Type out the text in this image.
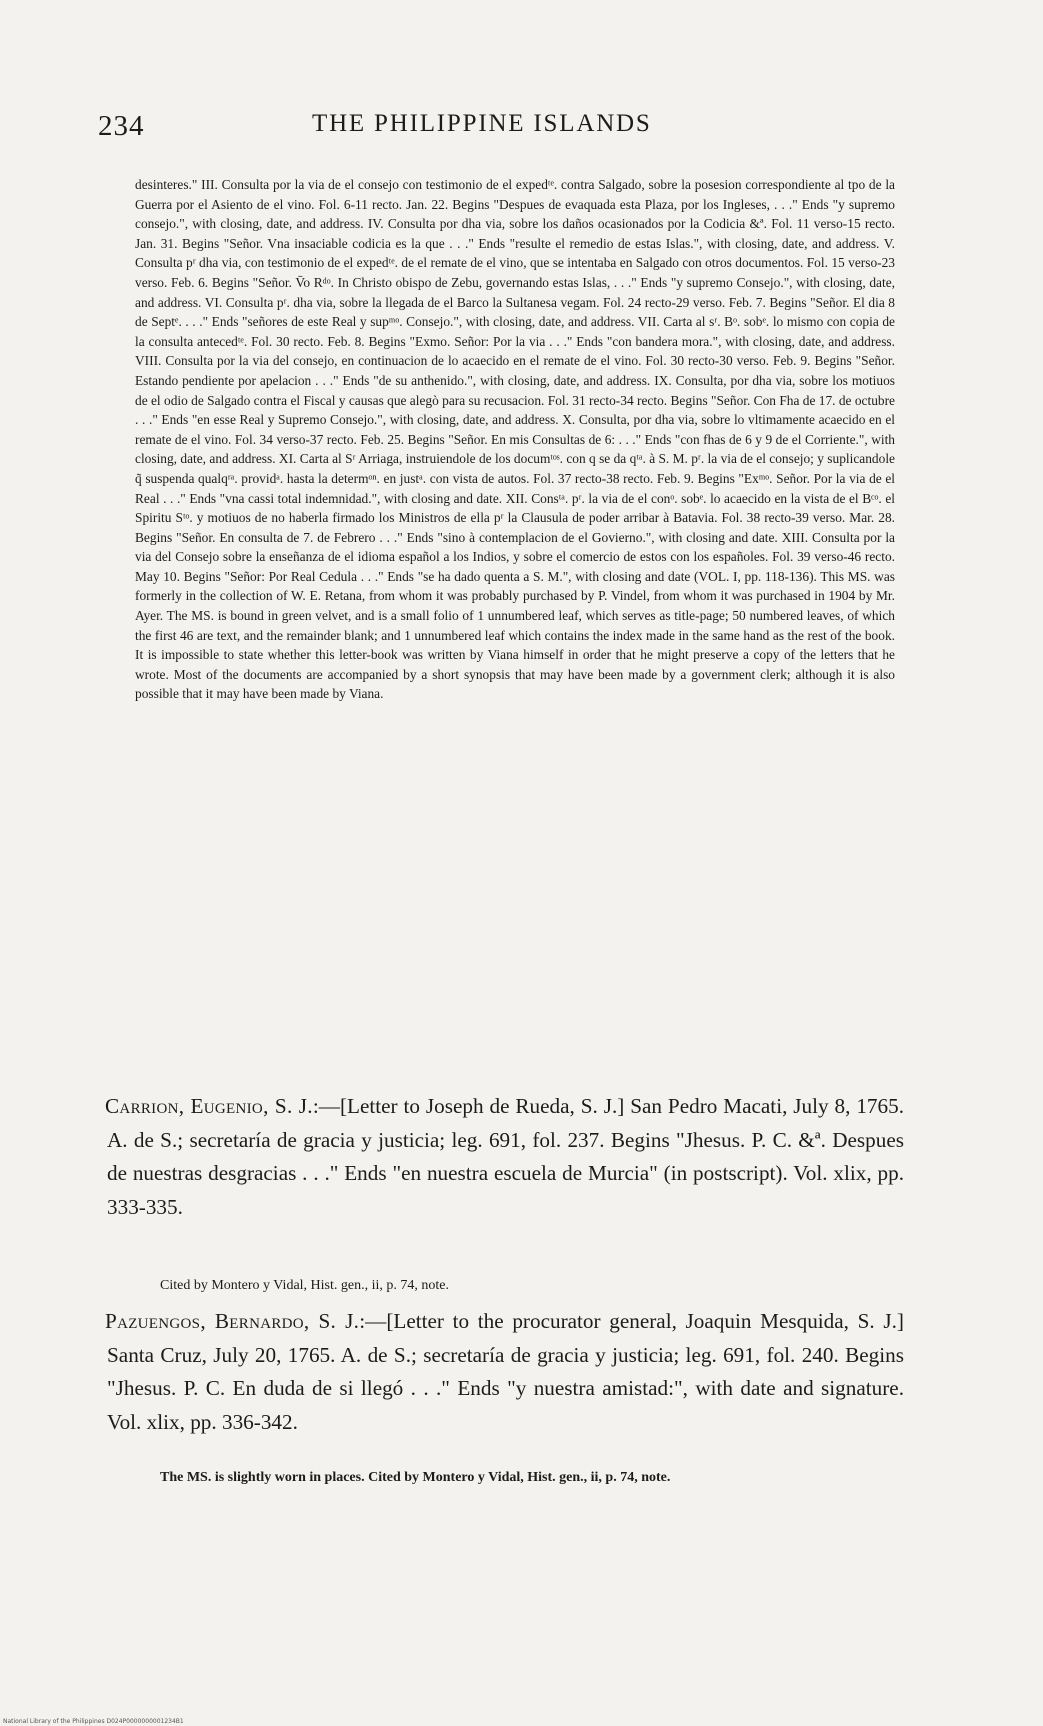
234	THE PHILIPPINE ISLANDS

desinteres." III. Consulta por la via de el consejo con testimonio de el expedᵗᵉ. contra Salgado, sobre la posesion correspondiente al tpo de la Guerra por el Asiento de el vino. Fol. 6-11 recto. Jan. 22. Begins "Despues de evaquada esta Plaza, por los Ingleses, . . ." Ends "y supremo consejo.", with closing, date, and address. IV. Consulta por dha via, sobre los daños ocasionados por la Codicia &ª. Fol. 11 verso-15 recto. Jan. 31. Begins "Señor. Vna insaciable codicia es la que . . ." Ends "resulte el remedio de estas Islas.", with closing, date, and address. V. Consulta pʳ dha via, con testimonio de el expedᵗᵉ. de el remate de el vino, que se intentaba en Salgado con otros documentos. Fol. 15 verso-23 verso. Feb. 6. Begins "Señor. V̄o Rᵈᵒ. In Christo obispo de Zebu, governando estas Islas, . . ." Ends "y supremo Consejo.", with closing, date, and address. VI. Consulta pʳ. dha via, sobre la llegada de el Barco la Sultanesa vegam. Fol. 24 recto-29 verso. Feb. 7. Begins "Señor. El dia 8 de Septᵉ. . . ." Ends "señores de este Real y supᵐᵒ. Consejo.", with closing, date, and address. VII. Carta al sʳ. Bᵒ. sobᵉ. lo mismo con copia de la consulta antecedᵗᵉ. Fol. 30 recto. Feb. 8. Begins "Exmo. Señor: Por la via . . ." Ends "con bandera mora.", with closing, date, and address. VIII. Consulta por la via del consejo, en continuacion de lo acaecido en el remate de el vino. Fol. 30 recto-30 verso. Feb. 9. Begins "Señor. Estando pendiente por apelacion . . ." Ends "de su anthenido.", with closing, date, and address. IX. Consulta, por dha via, sobre los motiuos de el odio de Salgado contra el Fiscal y causas que alegò para su recusacion. Fol. 31 recto-34 recto. Begins "Señor. Con Fha de 17. de octubre . . ." Ends "en esse Real y Supremo Consejo.", with closing, date, and address. X. Consulta, por dha via, sobre lo vltimamente acaecido en el remate de el vino. Fol. 34 verso-37 recto. Feb. 25. Begins "Señor. En mis Consultas de 6: . . ." Ends "con fhas de 6 y 9 de el Corriente.", with closing, date, and address. XI. Carta al Sʳ Arriaga, instruiendole de los documᵗᵒˢ. con q se da qᵗᵃ. à S. M. pʳ. la via de el consejo; y suplicandole q̃ suspenda qualqʳᵃ. providᵃ. hasta la determᵒⁿ. en justᵃ. con vista de autos. Fol. 37 recto-38 recto. Feb. 9. Begins "Exᵐᵒ. Señor. Por la via de el Real . . ." Ends "vna cassi total indemnidad.", with closing and date. XII. Consᵗᵃ. pʳ. la via de el conᵒ. sobᵉ. lo acaecido en la vista de el Bᶜᵒ. el Spiritu Sᵗᵒ. y motiuos de no haberla firmado los Ministros de ella pʳ la Clausula de poder arribar à Batavia. Fol. 38 recto-39 verso. Mar. 28. Begins "Señor. En consulta de 7. de Febrero . . ." Ends "sino à contemplacion de el Govierno.", with closing and date. XIII. Consulta por la via del Consejo sobre la enseñanza de el idioma español a los Indios, y sobre el comercio de estos con los españoles. Fol. 39 verso-46 recto. May 10. Begins "Señor: Por Real Cedula . . ." Ends "se ha dado quenta a S. M.", with closing and date (VOL. I, pp. 118-136). This MS. was formerly in the collection of W. E. Retana, from whom it was probably purchased by P. Vindel, from whom it was purchased in 1904 by Mr. Ayer. The MS. is bound in green velvet, and is a small folio of 1 unnumbered leaf, which serves as title-page; 50 numbered leaves, of which the first 46 are text, and the remainder blank; and 1 unnumbered leaf which contains the index made in the same hand as the rest of the book. It is impossible to state whether this letter-book was written by Viana himself in order that he might preserve a copy of the letters that he wrote. Most of the documents are accompanied by a short synopsis that may have been made by a government clerk; although it is also possible that it may have been made by Viana.

Carrion, Eugenio, S. J.:—[Letter to Joseph de Rueda, S. J.] San Pedro Macati, July 8, 1765. A. de S.; secretaría de gracia y justicia; leg. 691, fol. 237. Begins "Jhesus. P. C. &ª. Despues de nuestras desgracias . . ." Ends "en nuestra escuela de Murcia" (in postscript). Vol. xlix, pp. 333-335.

Cited by Montero y Vidal, Hist. gen., ii, p. 74, note.

Pazuengos, Bernardo, S. J.:—[Letter to the procurator general, Joaquin Mesquida, S. J.] Santa Cruz, July 20, 1765. A. de S.; secretaría de gracia y justicia; leg. 691, fol. 240. Begins "Jhesus. P. C. En duda de si llegó . . ." Ends "y nuestra amistad:", with date and signature. Vol. xlix, pp. 336-342.

The MS. is slightly worn in places. Cited by Montero y Vidal, Hist. gen., ii, p. 74, note.
National Library of the Philippines D024P0000000001234B1
